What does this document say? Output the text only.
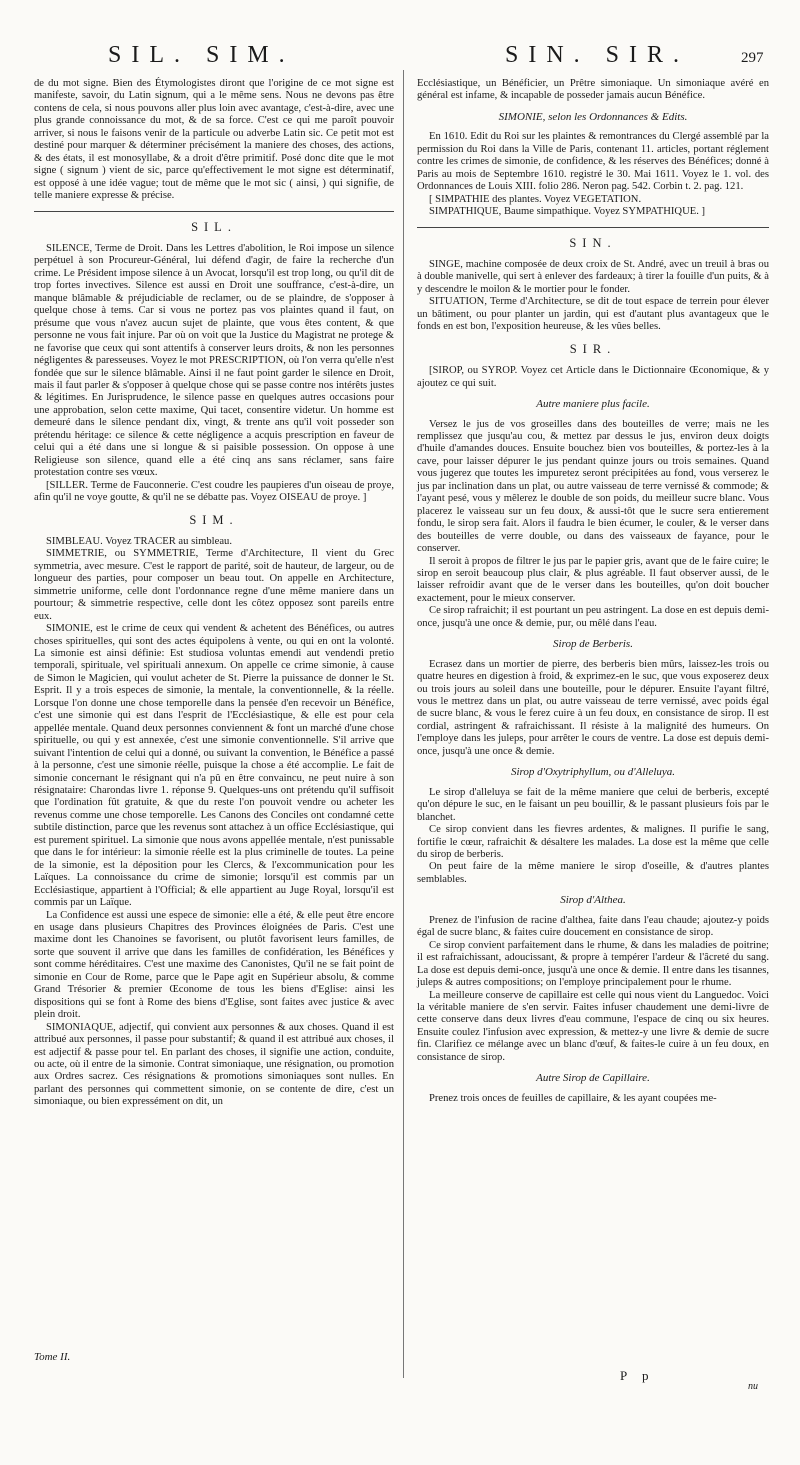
SIL. SIM.	SIN. SIR.	297

de du mot signe. Bien des Étymologistes diront que l'origine de ce mot signe est manifeste, savoir, du Latin signum, qui a le même sens. Nous ne devons pas être contens de cela, si nous pouvons aller plus loin avec avantage, c'est-à-dire, avec une plus grande connoissance du mot, & de sa force. C'est ce qui me paroît pouvoir arriver, si nous le faisons venir de la particule ou adverbe Latin sic. Ce petit mot est destiné pour marquer & déterminer précisément la maniere des choses, des actions, & des états, il est monosyllabe, & a droit d'être primitif. Posé donc dite que le mot signe ( signum ) vient de sic, parce qu'effectivement le mot signe est déterminatif, est opposé à une idée vague; tout de même que le mot sic ( ainsi, ) qui signifie, de telle maniere expresse & précise.

SIL.

SILENCE, Terme de Droit. Dans les Lettres d'abolition, le Roi impose un silence perpétuel à son Procureur-Général, lui défend d'agir, de faire la recherche d'un crime. Le Président impose silence à un Avocat, lorsqu'il est trop long, ou qu'il dit de trop fortes invectives. Silence est aussi en Droit une souffrance, c'est-à-dire, un manque blâmable & préjudiciable de reclamer, ou de se plaindre, de s'opposer à quelque chose à tems. Car si vous ne portez pas vos plaintes quand il faut, on présume que vous n'avez aucun sujet de plainte, que vous êtes content, & que personne ne vous fait injure. Par où on voit que la Justice du Magistrat ne protege & ne favorise que ceux qui sont attentifs à conserver leurs droits, & non les personnes négligentes & paresseuses. Voyez le mot PRESCRIPTION, où l'on verra qu'elle n'est fondée que sur le silence blâmable. Ainsi il ne faut point garder le silence en Droit, mais il faut parler & s'opposer à quelque chose qui se passe contre nos intérêts justes & légitimes. En Jurisprudence, le silence passe en quelques autres occasions pour une approbation, selon cette maxime, Qui tacet, consentire videtur. Un homme est demeuré dans le silence pendant dix, vingt, & trente ans qu'il voit posseder son prétendu héritage: ce silence & cette négligence a acquis prescription en faveur de celui qui a été dans une si longue & si paisible possession. On oppose à une Religieuse son silence, quand elle a été cinq ans sans réclamer, sans faire protestation contre ses vœux.

[SILLER. Terme de Fauconnerie. C'est coudre les paupieres d'un oiseau de proye, afin qu'il ne voye goutte, & qu'il ne se débatte pas. Voyez OISEAU de proye. ]

SIM.

SIMBLEAU. Voyez TRACER au simbleau.

SIMMETRIE, ou SYMMETRIE, Terme d'Architecture, Il vient du Grec symmetria, avec mesure. C'est le rapport de parité, soit de hauteur, de largeur, ou de longueur des parties, pour composer un beau tout. On appelle en Architecture, simmetrie uniforme, celle dont l'ordonnance regne d'une même maniere dans un pourtour; & simmetrie respective, celle dont les côtez opposez sont pareils entre eux.

SIMONIE, est le crime de ceux qui vendent & achetent des Bénéfices, ou autres choses spirituelles, qui sont des actes équipolens à vente, ou qui en ont la volonté. La simonie est ainsi définie: Est studiosa voluntas emendi aut vendendi pretio temporali, spirituale, vel spirituali annexum. On appelle ce crime simonie, à cause de Simon le Magicien, qui voulut acheter de St. Pierre la puissance de donner le St. Esprit. Il y a trois especes de simonie, la mentale, la conventionnelle, & la réelle. Lorsque l'on donne une chose temporelle dans la pensée d'en recevoir un Bénéfice, c'est une simonie qui est dans l'esprit de l'Ecclésiastique, & elle est pour cela appellée mentale. Quand deux personnes conviennent & font un marché d'une chose spirituelle, ou qui y est annexée, c'est une simonie conventionnelle. S'il arrive que suivant l'intention de celui qui a donné, ou suivant la convention, le Bénéfice a passé à la personne, c'est une simonie réelle, puisque la chose a été accomplie. Le fait de simonie concernant le résignant qui n'a pû en être convaincu, ne peut nuire à son résignataire: Charondas livre 1. réponse 9. Quelques-uns ont prétendu qu'il suffisoit que l'ordination fût gratuite, & que du reste l'on pouvoit vendre ou acheter les revenus comme une chose temporelle. Les Canons des Conciles ont condamné cette subtile distinction, parce que les revenus sont attachez à un office Ecclésiastique, qui est purement spirituel. La simonie que nous avons appellée mentale, n'est punissable que dans le for intérieur: la simonie réelle est la plus criminelle de toutes. La peine de la simonie, est la déposition pour les Clercs, & l'excommunication pour les Laïques. La connoissance du crime de simonie; lorsqu'il est commis par un Ecclésiastique, appartient à l'Official; & elle appartient au Juge Royal, lorsqu'il est commis par un Laïque.

La Confidence est aussi une espece de simonie: elle a été, & elle peut être encore en usage dans plusieurs Chapitres des Provinces éloignées de Paris. C'est une maxime dont les Chanoines se favorisent, ou plutôt favorisent leurs familles, de sorte que souvent il arrive que dans les familles de confidération, les Bénéfices y sont comme héréditaires. C'est une maxime des Canonistes, Qu'il ne se fait point de simonie en Cour de Rome, parce que le Pape agit en Supérieur absolu, & comme Grand Trésorier & premier Œconome de tous les biens d'Eglise: ainsi les dispositions qui se font à Rome des biens d'Eglise, sont faites avec justice & avec plein droit.

SIMONIAQUE, adjectif, qui convient aux personnes & aux choses. Quand il est attribué aux personnes, il passe pour substantif; & quand il est attribué aux choses, il est adjectif & passe pour tel. En parlant des choses, il signifie une action, conduite, ou acte, où il entre de la simonie. Contrat simoniaque, une résignation, ou promotion aux Ordres sacrez. Ces résignations & promotions simoniaques sont nulles. En parlant des personnes qui commettent simonie, on se contente de dire, c'est un simoniaque, ou bien expressément on dit, un

Ecclésiastique, un Bénéficier, un Prêtre simoniaque. Un simoniaque avéré en général est infame, & incapable de posseder jamais aucun Bénéfice.

SIMONIE, selon les Ordonnances & Edits.

En 1610. Edit du Roi sur les plaintes & remontrances du Clergé assemblé par la permission du Roi dans la Ville de Paris, contenant 11. articles, portant réglement contre les crimes de simonie, de confidence, & les réserves des Bénéfices; donné à Paris au mois de Septembre 1610. registré le 30. Mai 1611. Voyez le 1. vol. des Ordonnances de Louis XIII. folio 286. Neron pag. 542. Corbin t. 2. pag. 121.

[ SIMPATHIE des plantes. Voyez VEGETATION.

SIMPATHIQUE, Baume simpathique. Voyez SYMPATHIQUE. ]

SIN.

SINGE, machine composée de deux croix de St. André, avec un treuil à bras ou à double manivelle, qui sert à enlever des fardeaux; à tirer la fouille d'un puits, & à y descendre le moilon & le mortier pour le fonder.

SITUATION, Terme d'Architecture, se dit de tout espace de terrein pour élever un bâtiment, ou pour planter un jardin, qui est d'autant plus avantageux que le fonds en est bon, l'exposition heureuse, & les vûes belles.

SIR.

[SIROP, ou SYROP. Voyez cet Article dans le Dictionnaire Œconomique, & y ajoutez ce qui suit.

Autre maniere plus facile.

Versez le jus de vos groseilles dans des bouteilles de verre; mais ne les remplissez que jusqu'au cou, & mettez par dessus le jus, environ deux doigts d'huile d'amandes douces. Ensuite bouchez bien vos bouteilles, & portez-les à la cave, pour laisser dépurer le jus pendant quinze jours ou trois semaines. Quand vous jugerez que toutes les impuretez seront précipitées au fond, vous verserez le jus par inclination dans un plat, ou autre vaisseau de terre vernissé & commode; & l'ayant pesé, vous y mêlerez le double de son poids, du meilleur sucre blanc. Vous placerez le vaisseau sur un feu doux, & aussi-tôt que le sucre sera entierement fondu, le sirop sera fait. Alors il faudra le bien écumer, le couler, & le verser dans des bouteilles de verre double, ou dans des vaisseaux de fayance, pour le conserver.

Il seroit à propos de filtrer le jus par le papier gris, avant que de le faire cuire; le sirop en seroit beaucoup plus clair, & plus agréable. Il faut observer aussi, de le laisser refroidir avant que de le verser dans les bouteilles, qu'on doit boucher exactement, pour le mieux conserver.

Ce sirop rafraichit; il est pourtant un peu astringent. La dose en est depuis demi-once, jusqu'à une once & demie, pur, ou mêlé dans l'eau.

Sirop de Berberis.

Ecrasez dans un mortier de pierre, des berberis bien mûrs, laissez-les trois ou quatre heures en digestion à froid, & exprimez-en le suc, que vous exposerez deux ou trois jours au soleil dans une bouteille, pour le dépurer. Ensuite l'ayant filtré, vous le mettrez dans un plat, ou autre vaisseau de terre vernissé, avec poids égal de sucre blanc, & vous le ferez cuire à un feu doux, en consistance de sirop. Il est cordial, astringent & rafraichissant. Il résiste à la malignité des humeurs. On l'employe dans les juleps, pour arrêter le cours de ventre. La dose est depuis demi-once, jusqu'à une once & demie.

Sirop d'Oxytriphyllum, ou d'Alleluya.

Le sirop d'alleluya se fait de la même maniere que celui de berberis, excepté qu'on dépure le suc, en le faisant un peu bouillir, & le passant plusieurs fois par le blanchet.

Ce sirop convient dans les fievres ardentes, & malignes. Il purifie le sang, fortifie le cœur, rafraichit & désaltere les malades. La dose est la même que celle du sirop de berberis.

On peut faire de la même maniere le sirop d'oseille, & d'autres plantes semblables.

Sirop d'Althea.

Prenez de l'infusion de racine d'althea, faite dans l'eau chaude; ajoutez-y poids égal de sucre blanc, & faites cuire doucement en consistance de sirop.

Ce sirop convient parfaitement dans le rhume, & dans les maladies de poitrine; il est rafraichissant, adoucissant, & propre à tempérer l'ardeur & l'âcreté du sang. La dose est depuis demi-once, jusqu'à une once & demie. Il entre dans les tisannes, juleps & autres compositions; on l'employe principalement pour le rhume.

La meilleure conserve de capillaire est celle qui nous vient du Languedoc. Voici la véritable maniere de s'en servir. Faites infuser chaudement une demi-livre de cette conserve dans deux livres d'eau commune, l'espace de cinq ou six heures. Ensuite coulez l'infusion avec expression, & mettez-y une livre & demie de sucre fin. Clarifiez ce mélange avec un blanc d'œuf, & faites-le cuire à un feu doux, en consistance de sirop.

Autre Sirop de Capillaire.

Prenez trois onces de feuilles de capillaire, & les ayant coupées me-

Tome II.
P p
nu
